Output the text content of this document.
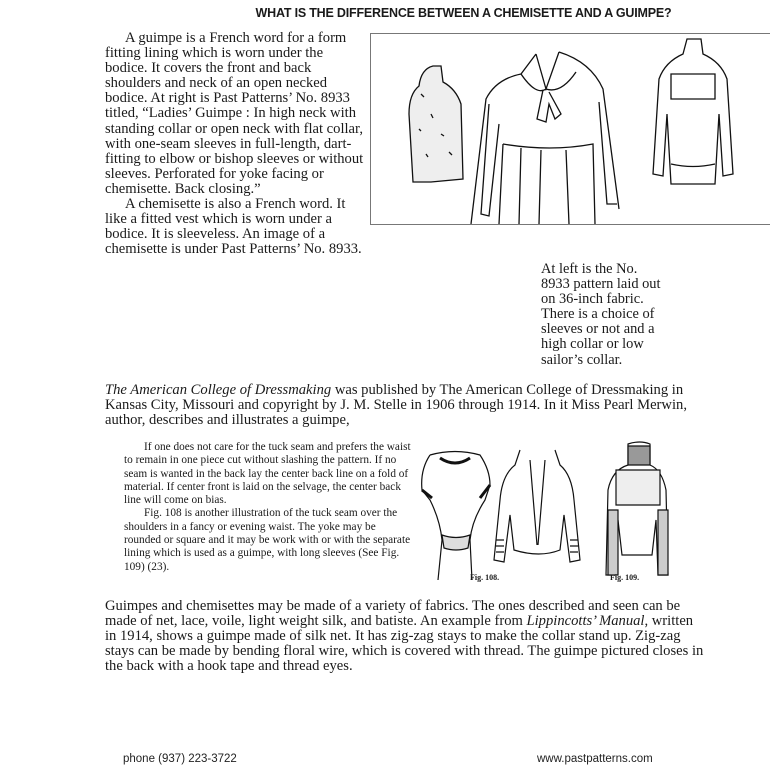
WHAT IS THE DIFFERENCE BETWEEN A CHEMISETTE AND A GUIMPE?

A guimpe is a French word for a form fitting lining which is worn under the bodice. It covers the front and back shoulders and neck of an open necked bodice. At right is Past Patterns’ No. 8933 titled, “Ladies’ Guimpe : In high neck with standing collar or open neck with flat collar, with one-seam sleeves in full-length, dart-fitting to elbow or bishop sleeves or without sleeves. Perforated for yoke facing or chemisette. Back closing.”

A chemisette is also a French word. It like a fitted vest which is worn under a bodice. It is sleeveless. An image of a chemisette is under Past Patterns’ No. 8933.

At left is the No. 8933 pattern laid out on 36-inch fabric. There is a choice of sleeves or not and a high collar or low sailor’s collar.
The American College of Dressmaking was published by The American College of Dressmaking in Kansas City, Missouri and copyright by J. M. Stelle in 1906 through 1914. In it Miss Pearl Merwin, author, describes and illustrates a guimpe,

If one does not care for the tuck seam and prefers the waist to remain in one piece cut without slashing the pattern. If no seam is wanted in the back lay the center back line on a fold of material. If center front is laid on the selvage, the center back line will come on bias.

Fig. 108 is another illustration of the tuck seam over the shoulders in a fancy or evening waist. The yoke may be rounded or square and it may be work with or with the separate lining which is used as a guimpe, with long sleeves (See Fig. 109) (23).

Fig. 108.	Fig. 109.
Guimpes and chemisettes may be made of a variety of fabrics. The ones described and seen can be made of net, lace, voile, light weight silk, and batiste. An example from Lippincotts’ Manual, written in 1914, shows a guimpe made of silk net. It has zig-zag stays to make the collar stand up. Zig-zag stays can be made by bending floral wire, which is covered with thread. The guimpe pictured closes in the back with a hook tape and thread eyes.
phone (937) 223-3722	www.pastpatterns.com
